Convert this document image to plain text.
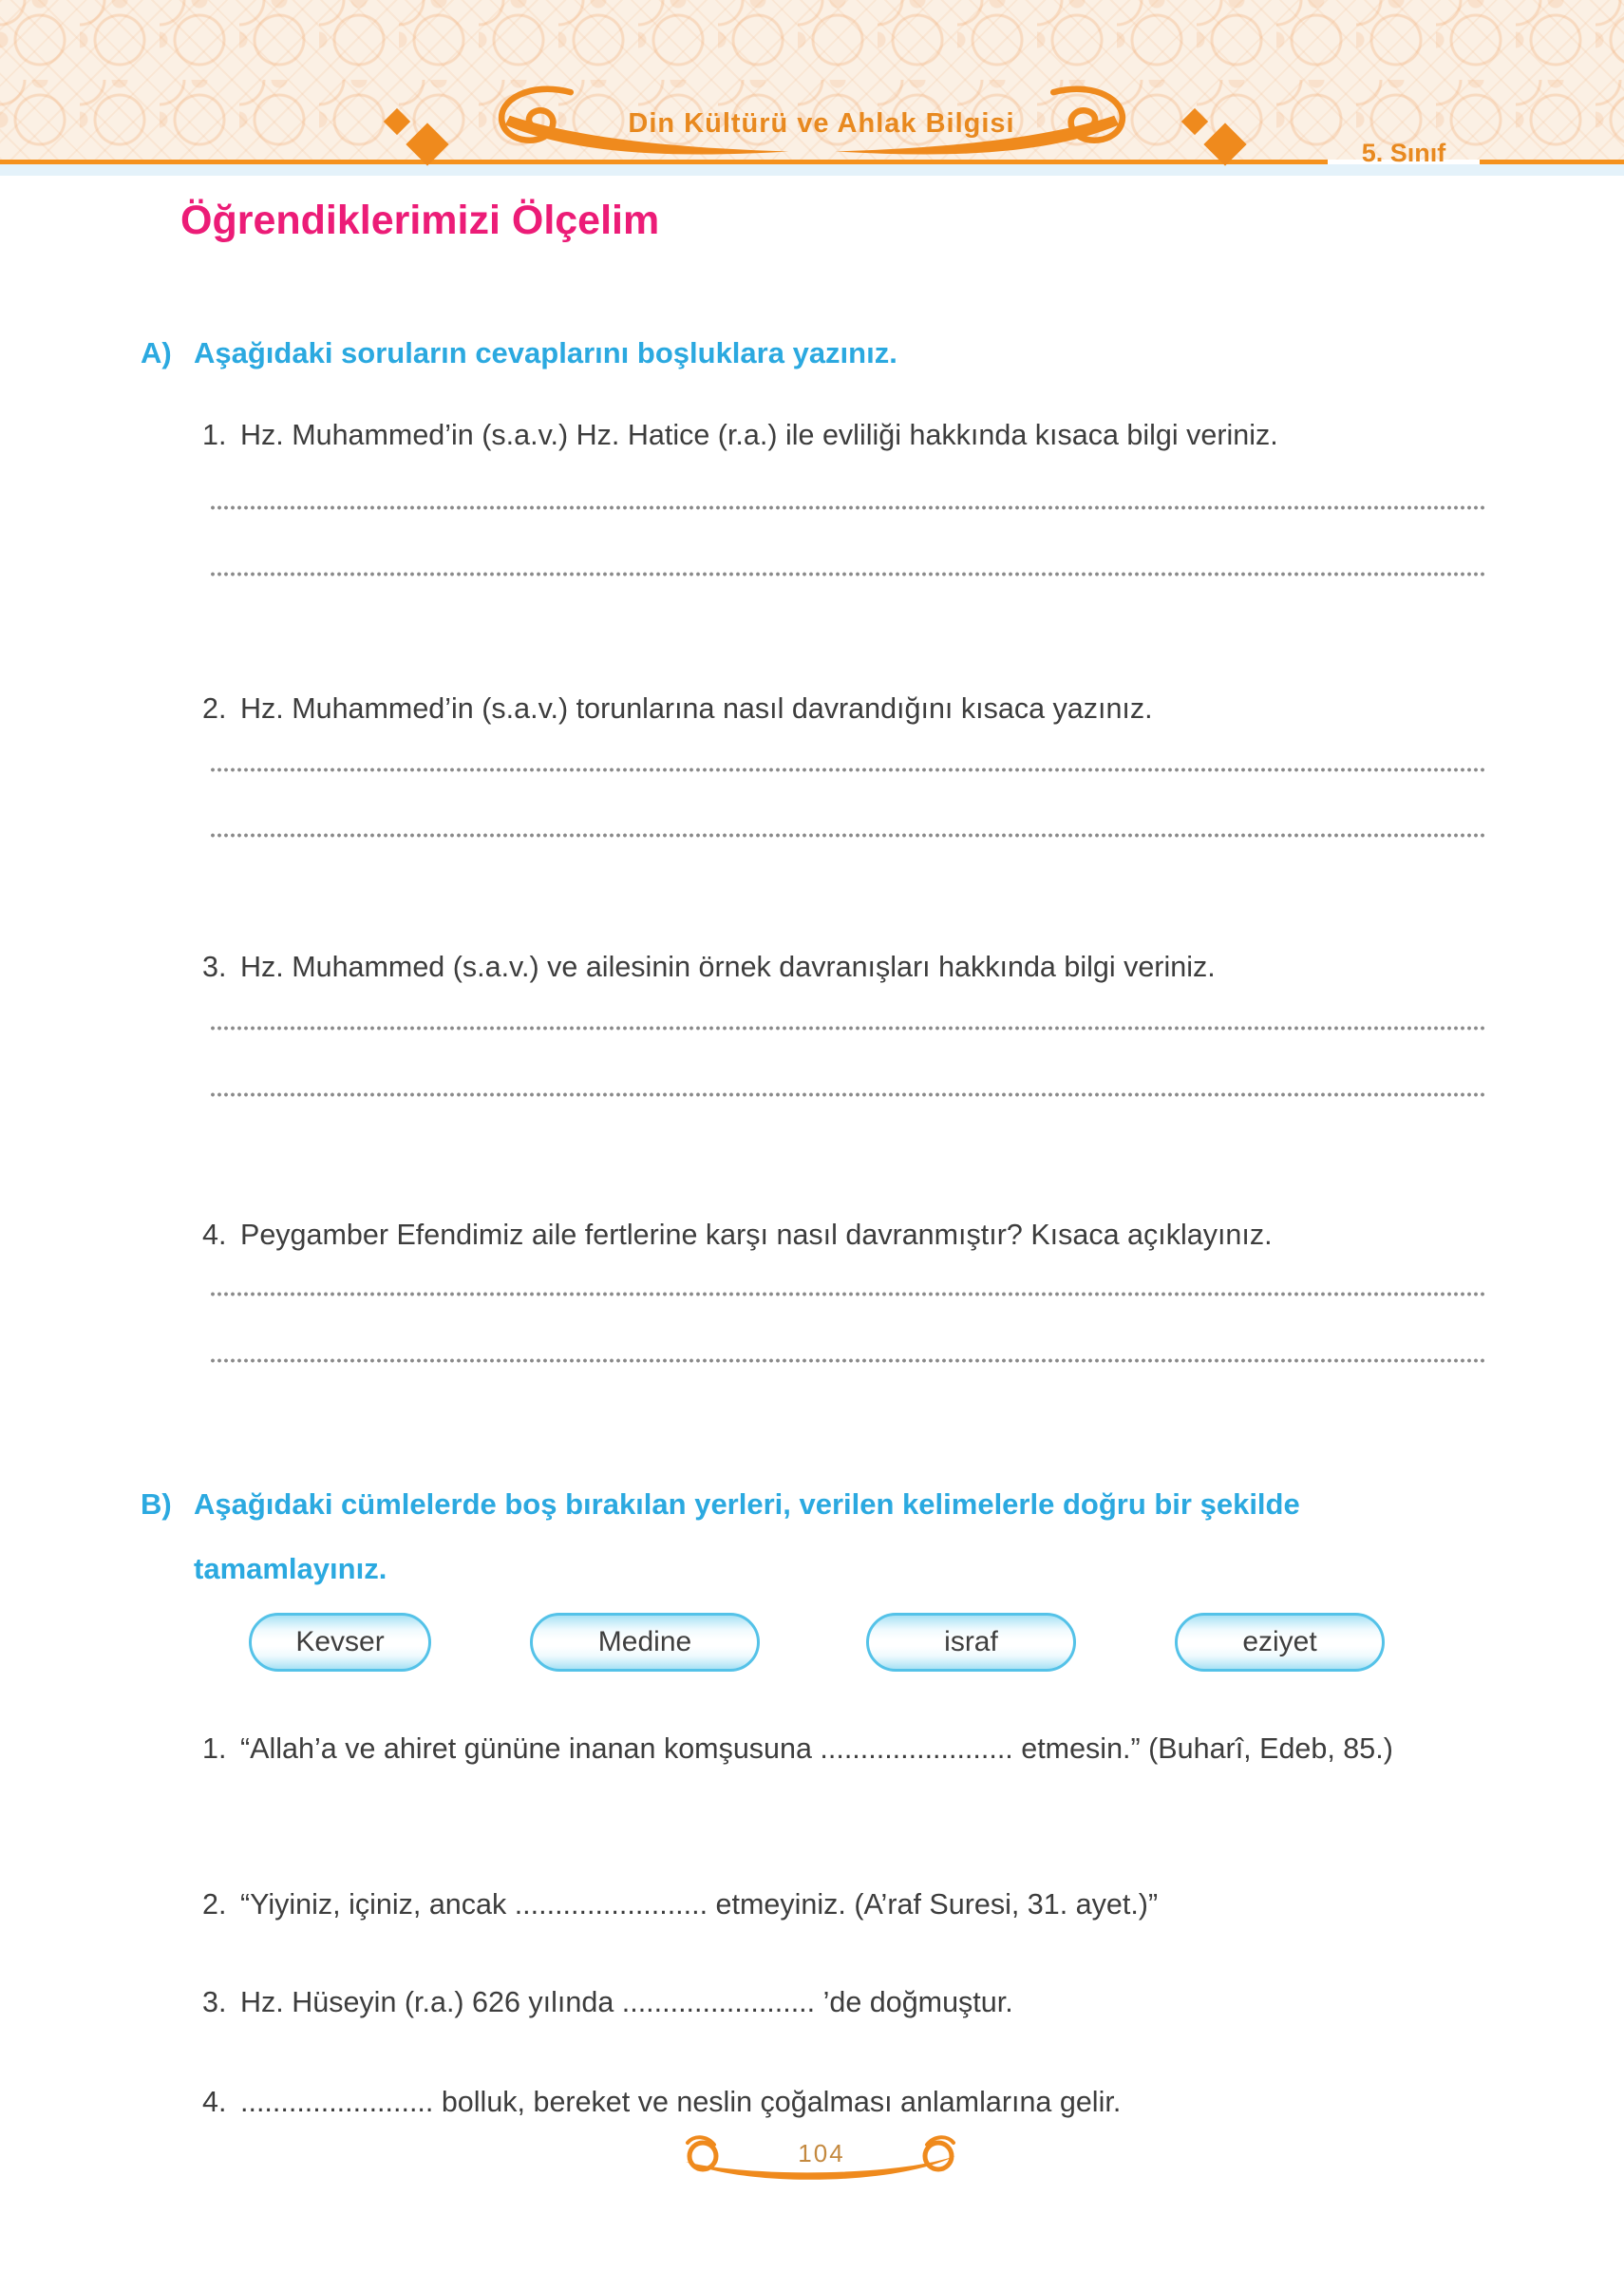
Din Kültürü ve Ahlak Bilgisi
5. Sınıf
Öğrendiklerimizi Ölçelim
A) Aşağıdaki soruların cevaplarını boşluklara yazınız.
1. Hz. Muhammed’in (s.a.v.) Hz. Hatice (r.a.) ile evliliği hakkında kısaca bilgi veriniz.
2. Hz. Muhammed’in (s.a.v.) torunlarına nasıl davrandığını kısaca yazınız.
3. Hz. Muhammed (s.a.v.) ve ailesinin örnek davranışları hakkında bilgi veriniz.
4. Peygamber Efendimiz aile fertlerine karşı nasıl davranmıştır? Kısaca açıklayınız.
B) Aşağıdaki cümlelerde boş bırakılan yerleri, verilen kelimelerle doğru bir şekilde tamamlayınız.
Kevser	Medine	israf	eziyet
1. “Allah’a ve ahiret gününe inanan komşusuna ........................ etmesin.” (Buharî, Edeb, 85.)
2. “Yiyiniz, içiniz, ancak ........................ etmeyiniz. (A’raf Suresi, 31. ayet.)”
3. Hz. Hüseyin (r.a.) 626 yılında ........................ ’de doğmuştur.
4. ........................ bolluk, bereket ve neslin çoğalması anlamlarına gelir.
104
